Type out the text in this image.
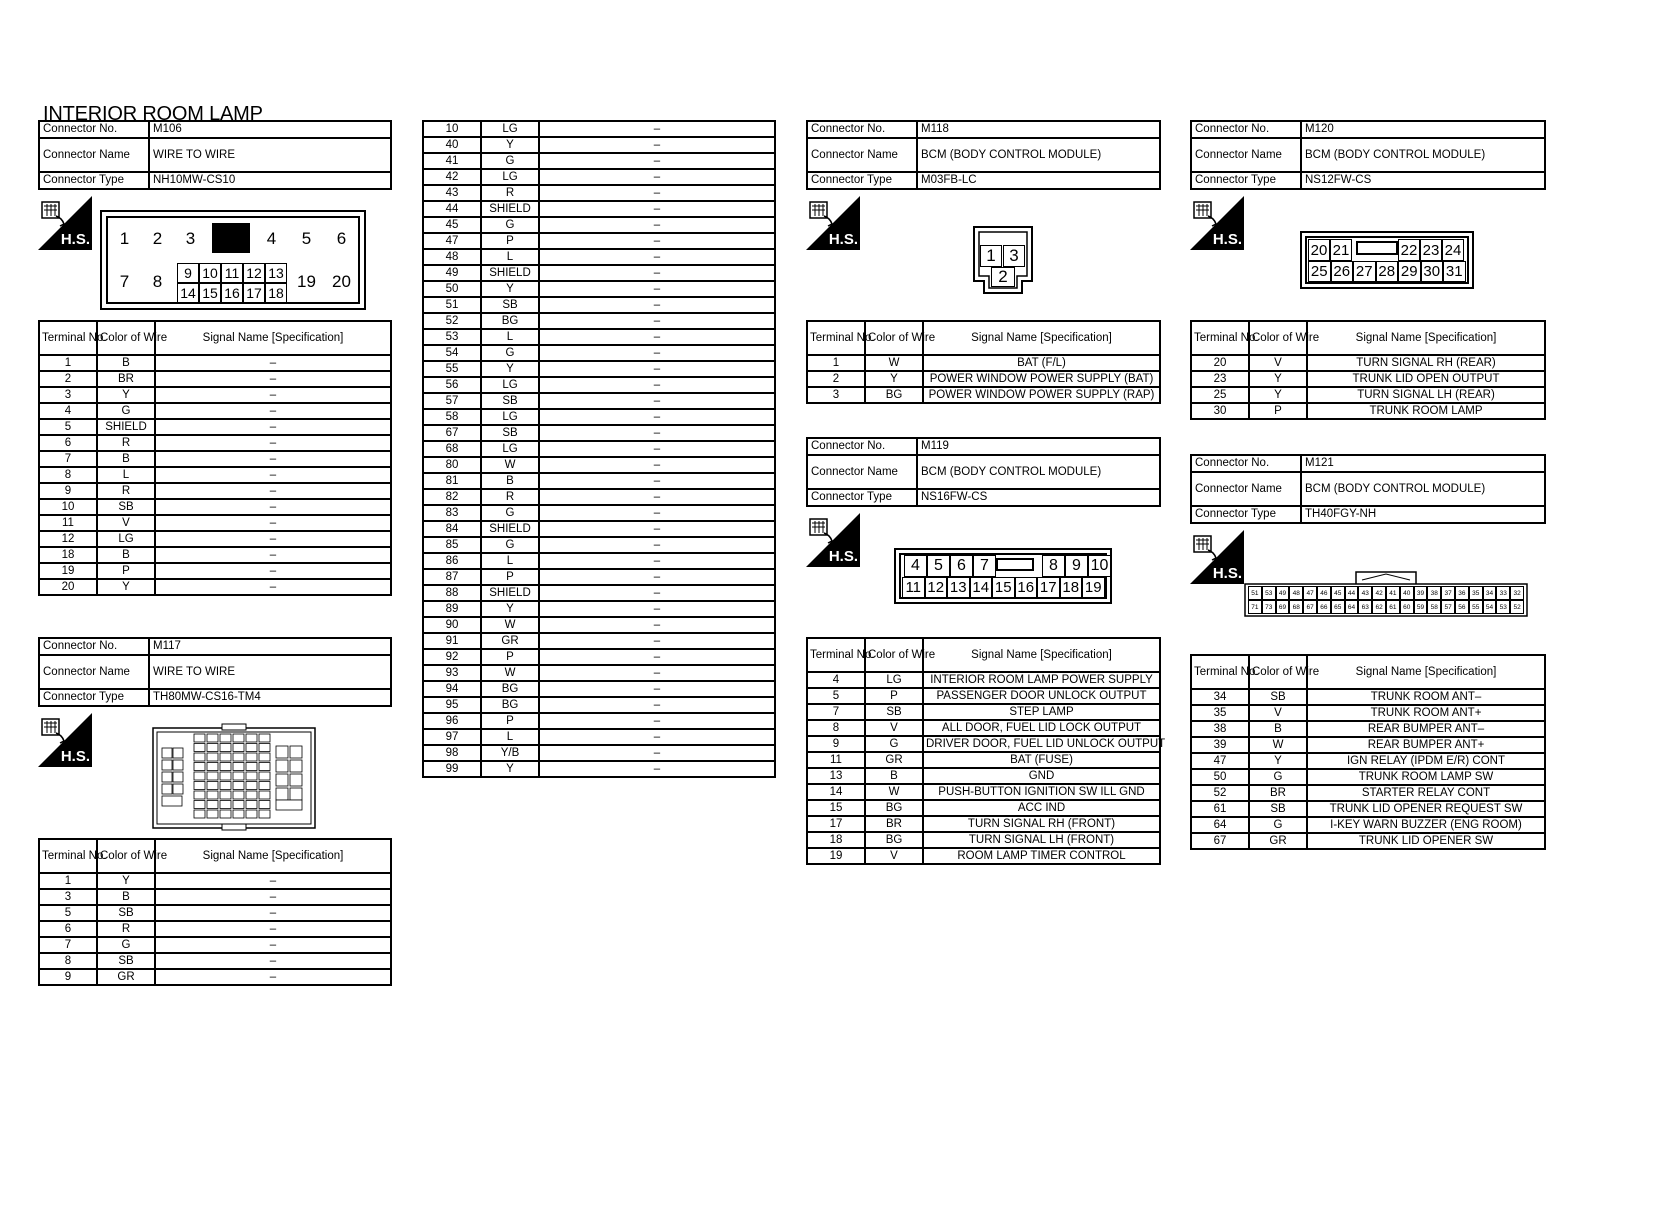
INTERIOR ROOM LAMP
Connector No.	M106
Connector Name	WIRE TO WIRE
Connector Type	NH10MW-CS10
H.S.	1	2	3	4	5	6
7	8	9 10 11 12 13
14 15 16 17 18
19 20
Terminal No.	Color of Wire	Signal Name [Specification]
1	B	–
2	BR	–
3	Y	–
4	G	–
5	SHIELD	–
6	R	–
7	B	–
8	L	–
9	R	–
10	SB	–
11	V	–
12	LG	–
18	B	–
19	P	–
20	Y	–
Connector No.	M117
Connector Name	WIRE TO WIRE
Connector Type	TH80MW-CS16-TM4
H.S.
Terminal No.	Color of Wire	Signal Name [Specification]
1	Y	–
3	B	–
5	SB	–
6	R	–
7	G	–
8	SB	–
9	GR	–
10	LG	–
40	Y	–
41	G	–
42	LG	–
43	R	–
44	SHIELD	–
45	G	–
47	P	–
48	L	–
49	SHIELD	–
50	Y	–
51	SB	–
52	BG	–
53	L	–
54	G	–
55	Y	–
56	LG	–
57	SB	–
58	LG	–
67	SB	–
68	LG	–
80	W	–
81	B	–
82	R	–
83	G	–
84	SHIELD	–
85	G	–
86	L	–
87	P	–
88	SHIELD	–
89	Y	–
90	W	–
91	GR	–
92	P	–
93	W	–
94	BG	–
95	BG	–
96	P	–
97	L	–
98	Y/B	–
99	Y	–
Connector No.	M118
Connector Name	BCM (BODY CONTROL MODULE)
Connector Type	M03FB-LC
H.S.
1 3
2
Terminal No.	Color of Wire	Signal Name [Specification]
1	W	BAT (F/L)
2	Y	POWER WINDOW POWER SUPPLY (BAT)
3	BG	POWER WINDOW POWER SUPPLY (RAP)
Connector No.	M119
Connector Name	BCM (BODY CONTROL MODULE)
Connector Type	NS16FW-CS
H.S.
4 5 6 7	8 9 10
11 12 13 14 15 16 17 18 19
Terminal No.	Color of Wire	Signal Name [Specification]
4	LG	INTERIOR ROOM LAMP POWER SUPPLY
5	P	PASSENGER DOOR UNLOCK OUTPUT
7	SB	STEP LAMP
8	V	ALL DOOR, FUEL LID LOCK OUTPUT
9	G	DRIVER DOOR, FUEL LID UNLOCK OUTPUT
11	GR	BAT (FUSE)
13	B	GND
14	W	PUSH-BUTTON IGNITION SW ILL GND
15	BG	ACC IND
17	BR	TURN SIGNAL RH (FRONT)
18	BG	TURN SIGNAL LH (FRONT)
19	V	ROOM LAMP TIMER CONTROL
Connector No.	M120
Connector Name	BCM (BODY CONTROL MODULE)
Connector Type	NS12FW-CS
H.S.
20 21	22 23 24
25 26 27 28 29 30 31
Terminal No.	Color of Wire	Signal Name [Specification]
20	V	TURN SIGNAL RH (REAR)
23	Y	TRUNK LID OPEN OUTPUT
25	Y	TURN SIGNAL LH (REAR)
30	P	TRUNK ROOM LAMP
Connector No.	M121
Connector Name	BCM (BODY CONTROL MODULE)
Connector Type	TH40FGY-NH
H.S.
51	53	49	48	47	46	45	44	43	42	41	40	39	38	37	36	35	34	33	32
71	73	69	68	67	66	65	64	63	62	61	60	59	58	57	56	55	54	53	52
Terminal No.	Color of Wire	Signal Name [Specification]
34	SB	TRUNK ROOM ANT–
35	V	TRUNK ROOM ANT+
38	B	REAR BUMPER ANT–
39	W	REAR BUMPER ANT+
47	Y	IGN RELAY (IPDM E/R) CONT
50	G	TRUNK ROOM LAMP SW
52	BR	STARTER RELAY CONT
61	SB	TRUNK LID OPENER REQUEST SW
64	G	I-KEY WARN BUZZER (ENG ROOM)
67	GR	TRUNK LID OPENER SW
